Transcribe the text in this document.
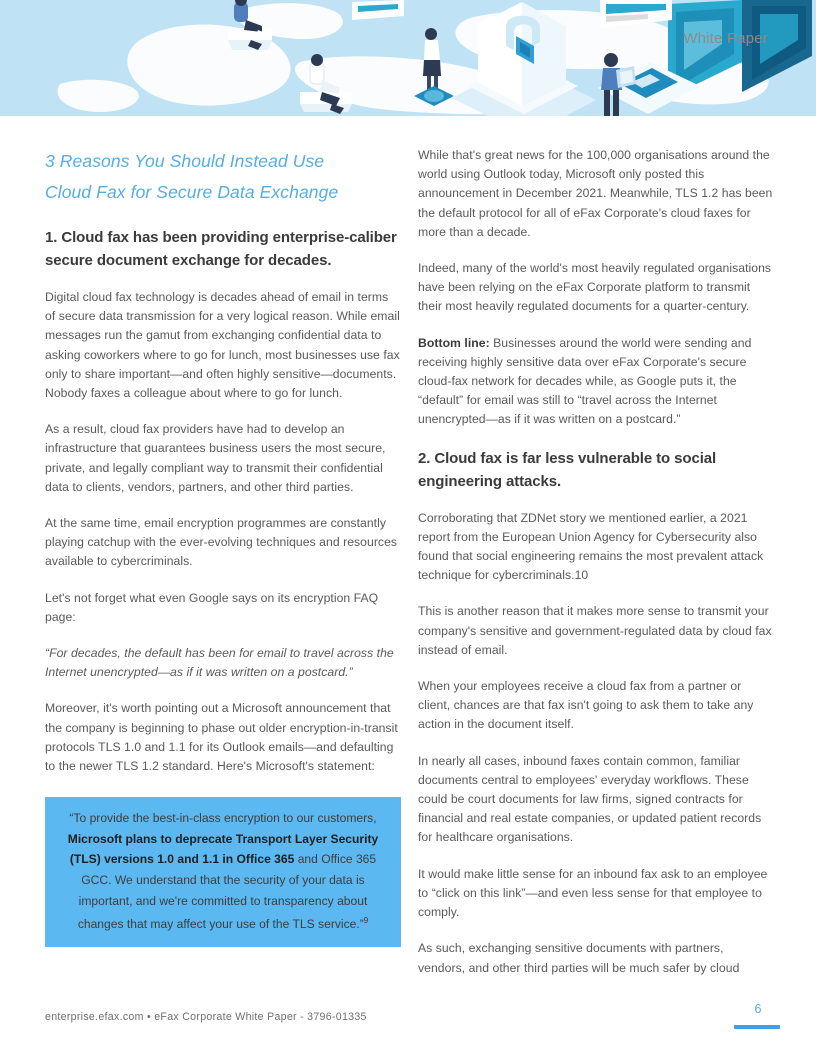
White Paper
3 Reasons You Should Instead Use
Cloud Fax for Secure Data Exchange
1. Cloud fax has been providing enterprise-caliber secure document exchange for decades.

Digital cloud fax technology is decades ahead of email in terms of secure data transmission for a very logical reason. While email messages run the gamut from exchanging confidential data to asking coworkers where to go for lunch, most businesses use fax only to share important—and often highly sensitive—documents. Nobody faxes a colleague about where to go for lunch.

As a result, cloud fax providers have had to develop an infrastructure that guarantees business users the most secure, private, and legally compliant way to transmit their confidential data to clients, vendors, partners, and other third parties.

At the same time, email encryption programmes are constantly playing catchup with the ever-evolving techniques and resources available to cybercriminals.

Let's not forget what even Google says on its encryption FAQ page:

“For decades, the default has been for email to travel across the Internet unencrypted—as if it was written on a postcard.”

Moreover, it's worth pointing out a Microsoft announcement that the company is beginning to phase out older encryption-in-transit protocols TLS 1.0 and 1.1 for its Outlook emails—and defaulting to the newer TLS 1.2 standard. Here's Microsoft's statement:

“To provide the best-in-class encryption to our customers, Microsoft plans to deprecate Transport Layer Security (TLS) versions 1.0 and 1.1 in Office 365 and Office 365 GCC. We understand that the security of your data is important, and we're committed to transparency about changes that may affect your use of the TLS service.”$^9$

While that's great news for the 100,000 organisations around the world using Outlook today, Microsoft only posted this announcement in December 2021. Meanwhile, TLS 1.2 has been the default protocol for all of eFax Corporate's cloud faxes for more than a decade.

Indeed, many of the world's most heavily regulated organisations have been relying on the eFax Corporate platform to transmit their most heavily regulated documents for a quarter-century.

Bottom line: Businesses around the world were sending and receiving highly sensitive data over eFax Corporate's secure cloud-fax network for decades while, as Google puts it, the “default” for email was still to “travel across the Internet unencrypted—as if it was written on a postcard.”

2. Cloud fax is far less vulnerable to social engineering attacks.

Corroborating that ZDNet story we mentioned earlier, a 2021 report from the European Union Agency for Cybersecurity also found that social engineering remains the most prevalent attack technique for cybercriminals.10

This is another reason that it makes more sense to transmit your company's sensitive and government-regulated data by cloud fax instead of email.

When your employees receive a cloud fax from a partner or client, chances are that fax isn't going to ask them to take any action in the document itself.

In nearly all cases, inbound faxes contain common, familiar documents central to employees' everyday workflows. These could be court documents for law firms, signed contracts for financial and real estate companies, or updated patient records for healthcare organisations.

It would make little sense for an inbound fax ask to an employee to “click on this link”—and even less sense for that employee to comply.

As such, exchanging sensitive documents with partners, vendors, and other third parties will be much safer by cloud

enterprise.efax.com • eFax Corporate White Paper - 3796-01335
6
